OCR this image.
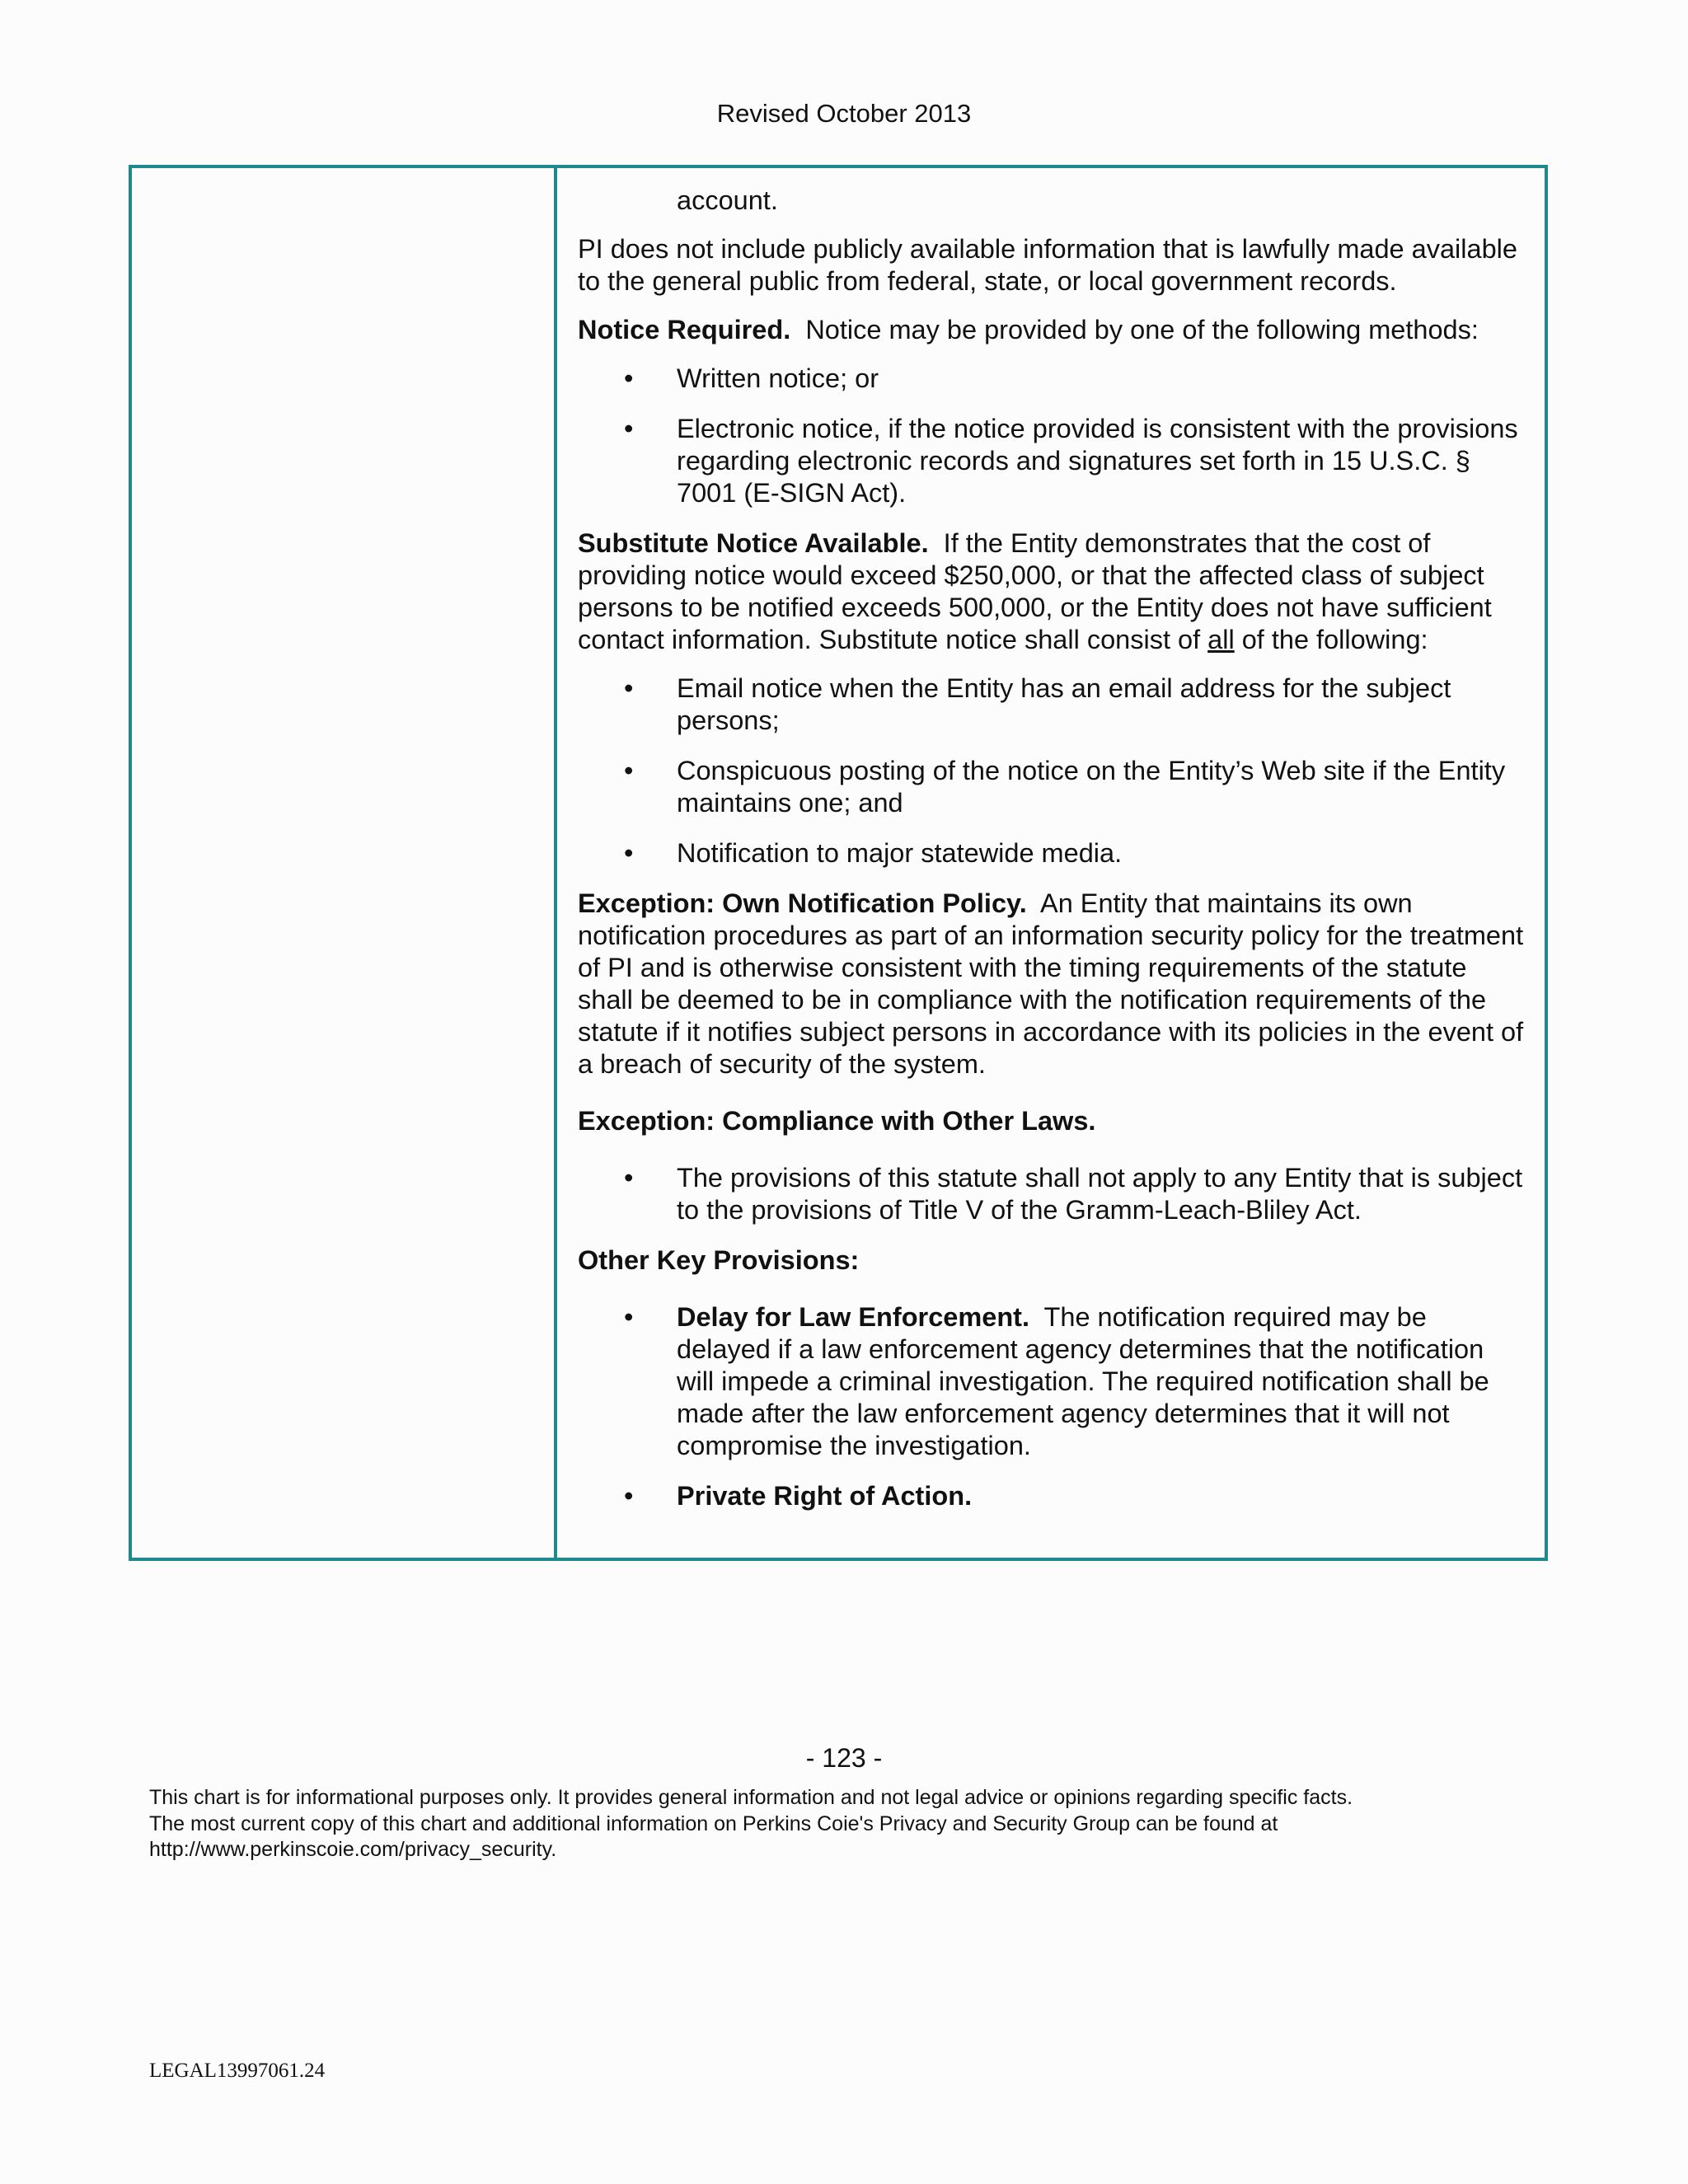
Revised October 2013
account.
PI does not include publicly available information that is lawfully made available to the general public from federal, state, or local government records.
Notice Required. Notice may be provided by one of the following methods:
• Written notice; or
• Electronic notice, if the notice provided is consistent with the provisions regarding electronic records and signatures set forth in 15 U.S.C. § 7001 (E-SIGN Act).
Substitute Notice Available. If the Entity demonstrates that the cost of providing notice would exceed $250,000, or that the affected class of subject persons to be notified exceeds 500,000, or the Entity does not have sufficient contact information. Substitute notice shall consist of all of the following:
• Email notice when the Entity has an email address for the subject persons;
• Conspicuous posting of the notice on the Entity’s Web site if the Entity maintains one; and
• Notification to major statewide media.
Exception: Own Notification Policy. An Entity that maintains its own notification procedures as part of an information security policy for the treatment of PI and is otherwise consistent with the timing requirements of the statute shall be deemed to be in compliance with the notification requirements of the statute if it notifies subject persons in accordance with its policies in the event of a breach of security of the system.
Exception: Compliance with Other Laws.
• The provisions of this statute shall not apply to any Entity that is subject to the provisions of Title V of the Gramm-Leach-Bliley Act.
Other Key Provisions:
• Delay for Law Enforcement. The notification required may be delayed if a law enforcement agency determines that the notification will impede a criminal investigation. The required notification shall be made after the law enforcement agency determines that it will not compromise the investigation.
• Private Right of Action.
- 123 -
This chart is for informational purposes only. It provides general information and not legal advice or opinions regarding specific facts.
The most current copy of this chart and additional information on Perkins Coie's Privacy and Security Group can be found at
http://www.perkinscoie.com/privacy_security.
LEGAL13997061.24
